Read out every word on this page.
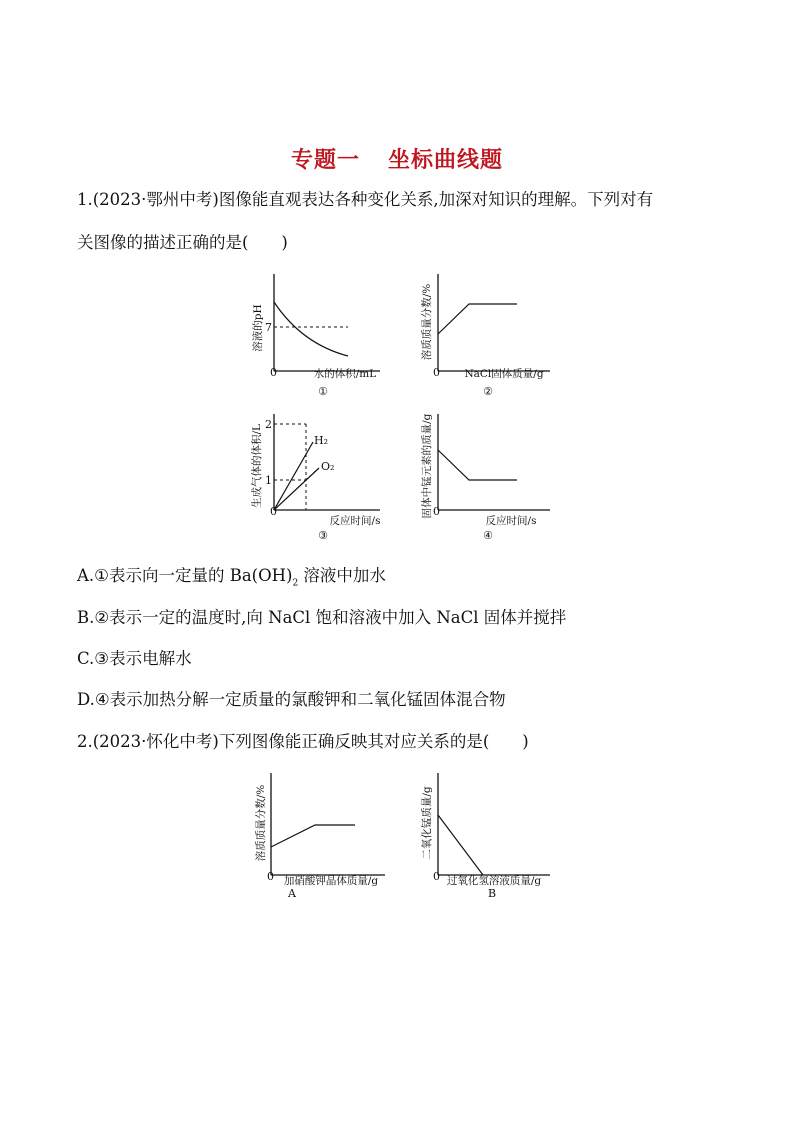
专题一 坐标曲线题
1.(2023·鄂州中考)图像能直观表达各种变化关系,加深对知识的理解。下列对有
关图像的描述正确的是(　　)
7
0
溶液的pH
水的体积/mL
①
0
溶质质量分数/%
NaCl固体质量/g
②
2
1
H₂
O₂
0
生成气体的体积/L
反应时间/s
③
0
固体中锰元素的质量/g
反应时间/s
④
A.①表示向一定量的 $Ba(OH)_2$ 溶液中加水
B.②表示一定的温度时,向 NaCl 饱和溶液中加入 NaCl 固体并搅拌
C.③表示电解水
D.④表示加热分解一定质量的氯酸钾和二氧化锰固体混合物
2.(2023·怀化中考)下列图像能正确反映其对应关系的是(　　)
0
溶质质量分数/%
加硝酸钾晶体质量/g
A
0
二氧化锰质量/g
过氧化氢溶液质量/g
B
